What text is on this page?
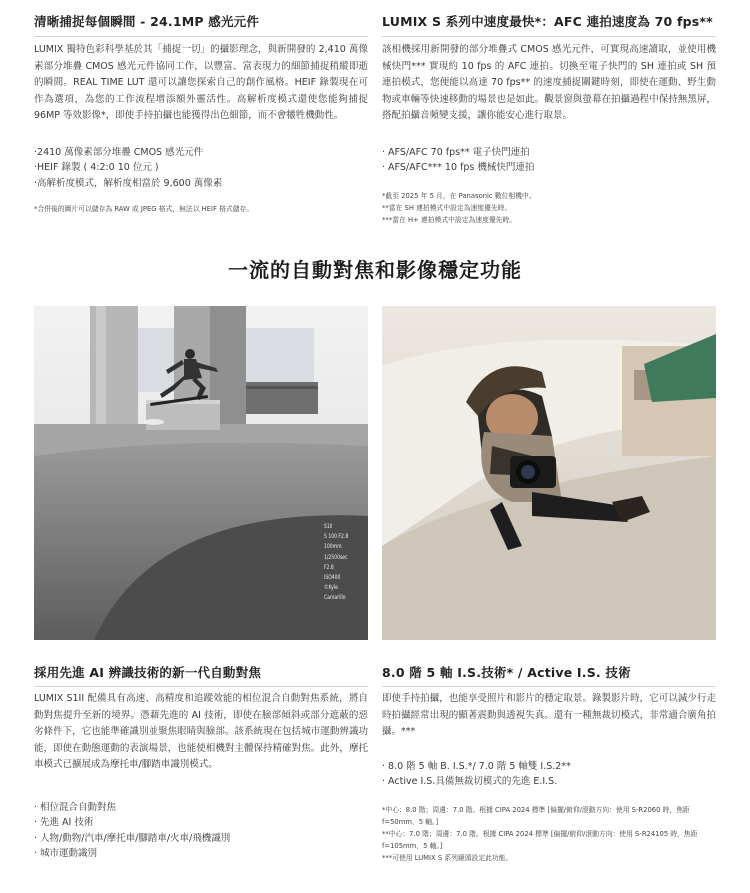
清晰捕捉每個瞬間 - 24.1MP 感光元件

LUMIX 獨特色彩科學基於其「捕捉一切」的攝影理念，與新開發的 2,410 萬像素部分堆疊 CMOS 感光元件協同工作，以豐富、富表現力的細節捕捉稍縱即逝的瞬間。REAL TIME LUT 還可以讓您探索自己的創作風格。HEIF 錄製現在可作為選項，為您的工作流程增添額外靈活性。高解析度模式還使您能夠捕捉 96MP 等效影像*，即使手持拍攝也能獲得出色細節，而不會犧牲機動性。

·2410 萬像素部分堆疊 CMOS 感光元件
·HEIF 錄製 ( 4:2:0 10 位元 )
·高解析度模式，解析度相當於 9,600 萬像素

*合併後的圖片可以儲存為 RAW 或 JPEG 格式，無法以 HEIF 格式儲存。

LUMIX S 系列中速度最快*：AFC 連拍速度為 70 fps**

該相機採用新開發的部分堆疊式 CMOS 感光元件，可實現高速讀取，並使用機械快門*** 實現約 10 fps 的 AFC 連拍。切換至電子快門的 SH 連拍或 SH 預連拍模式，您便能以高達 70 fps** 的速度捕捉關鍵時刻，即使在運動、野生動物或車輛等快速移動的場景也是如此。觀景窗與螢幕在拍攝過程中保持無黑屏，搭配拍攝音頻變支援，讓你能安心進行取景。

· AFS/AFC 70 fps** 電子快門連拍
· AFS/AFC*** 10 fps 機械快門連拍

*截至 2025 年 5 月，在 Panasonic 數位相機中。

**當在 SH 連拍模式中設定為速度優先時。

***當在 H+ 連拍模式中設定為速度優先時。

一流的自動對焦和影像穩定功能
S1II
S 100 F2.8
100mm
1/2500sec
F2.8
ISO400
©Kyle
Camarillo
採用先進 AI 辨識技術的新一代自動對焦

LUMIX S1II 配備具有高速、高精度和追蹤效能的相位混合自動對焦系統，將自動對焦提升至新的境界。憑藉先進的 AI 技術，即使在臉部傾斜或部分遮蔽的惡劣條件下，它也能準確識別並聚焦眼睛與臉部。該系統現在包括城市運動辨識功能，即使在動態運動的表演場景，也能使相機對主體保持精確對焦。此外，摩托車模式已擴展成為摩托車/腳踏車識別模式。

· 相位混合自動對焦
· 先進 AI 技術
· 人物/動物/汽車/摩托車/腳踏車/火車/飛機識別
· 城市運動識別
8.0 階 5 軸 I.S.技術* / Active I.S. 技術

即使手持拍攝，也能享受照片和影片的穩定取景。錄製影片時，它可以減少行走時拍攝經常出現的顯著震動與透視失真。還有一種無裁切模式，非常適合廣角拍攝。***

· 8.0 階 5 軸 B. I.S.*/ 7.0 階 5 軸雙 I.S.2**
· Active I.S.具備無裁切模式的先進 E.I.S.

*中心：8.0 階；周邊：7.0 階。根據 CIPA 2024 標準 [偏擺/俯仰/滾動方向：使用 S-R2060 時，焦距 f=50mm，5 軸。]

**中心：7.0 階；周邊：7.0 階。根據 CIPA 2024 標準 [偏擺/俯仰/滾動方向：使用 S-R24105 時，焦距 f=105mm，5 軸。]

***可使用 LUMIX S 系列鏡頭設定此功能。
